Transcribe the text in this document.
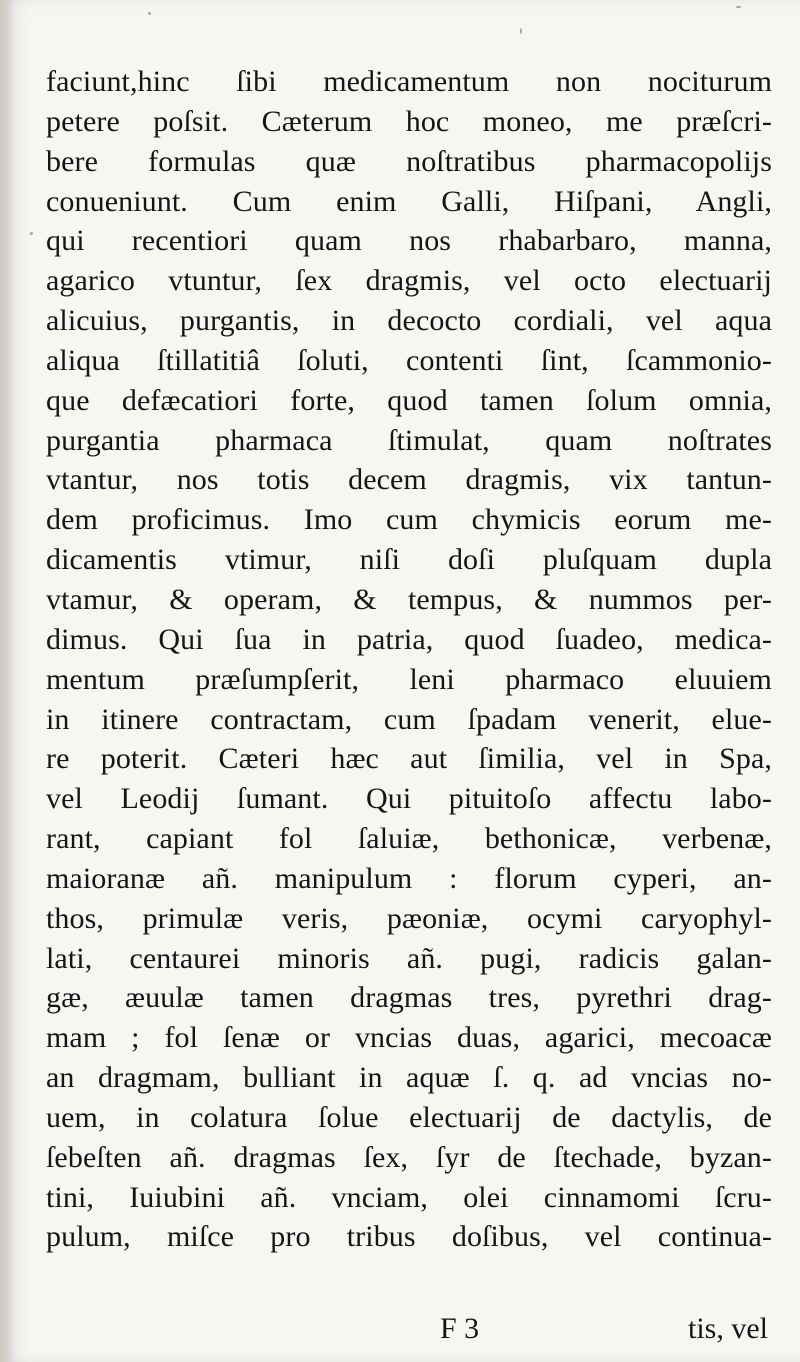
faciunt,hinc ſibi medicamentum non nociturum
petere poſsit. Cæterum hoc moneo, me præſcri-
bere formulas quæ noſtratibus pharmacopolijs
conueniunt. Cum enim Galli, Hiſpani, Angli,
qui recentiori quam nos rhabarbaro, manna,
agarico vtuntur, ſex dragmis, vel octo electuarij
alicuius, purgantis, in decocto cordiali, vel aqua
aliqua ſtillatitiâ ſoluti, contenti ſint, ſcammonio-
que defæcatiori forte, quod tamen ſolum omnia,
purgantia pharmaca ſtimulat, quam noſtrates
vtantur, nos totis decem dragmis, vix tantun-
dem proficimus. Imo cum chymicis eorum me-
dicamentis vtimur, niſi doſi pluſquam dupla
vtamur, & operam, & tempus, & nummos per-
dimus. Qui ſua in patria, quod ſuadeo, medica-
mentum præſumpſerit, leni pharmaco eluuiem
in itinere contractam, cum ſpadam venerit, elue-
re poterit. Cæteri hæc aut ſimilia, vel in Spa,
vel Leodij ſumant. Qui pituitoſo affectu labo-
rant, capiant fol ſaluiæ, bethonicæ, verbenæ,
maioranæ añ. manipulum : florum cyperi, an-
thos, primulæ veris, pæoniæ, ocymi caryophyl-
lati, centaurei minoris añ. pugi, radicis galan-
gæ, æuulæ tamen dragmas tres, pyrethri drag-
mam ; fol ſenæ or vncias duas, agarici, mecoacæ
an dragmam, bulliant in aquæ ſ. q. ad vncias no-
uem, in colatura ſolue electuarij de dactylis, de
ſebeſten añ. dragmas ſex, ſyr de ſtechade, byzan-
tini, Iuiubini añ. vnciam, olei cinnamomi ſcru-
pulum, miſce pro tribus doſibus, vel continua-
F 3	tis, vel
